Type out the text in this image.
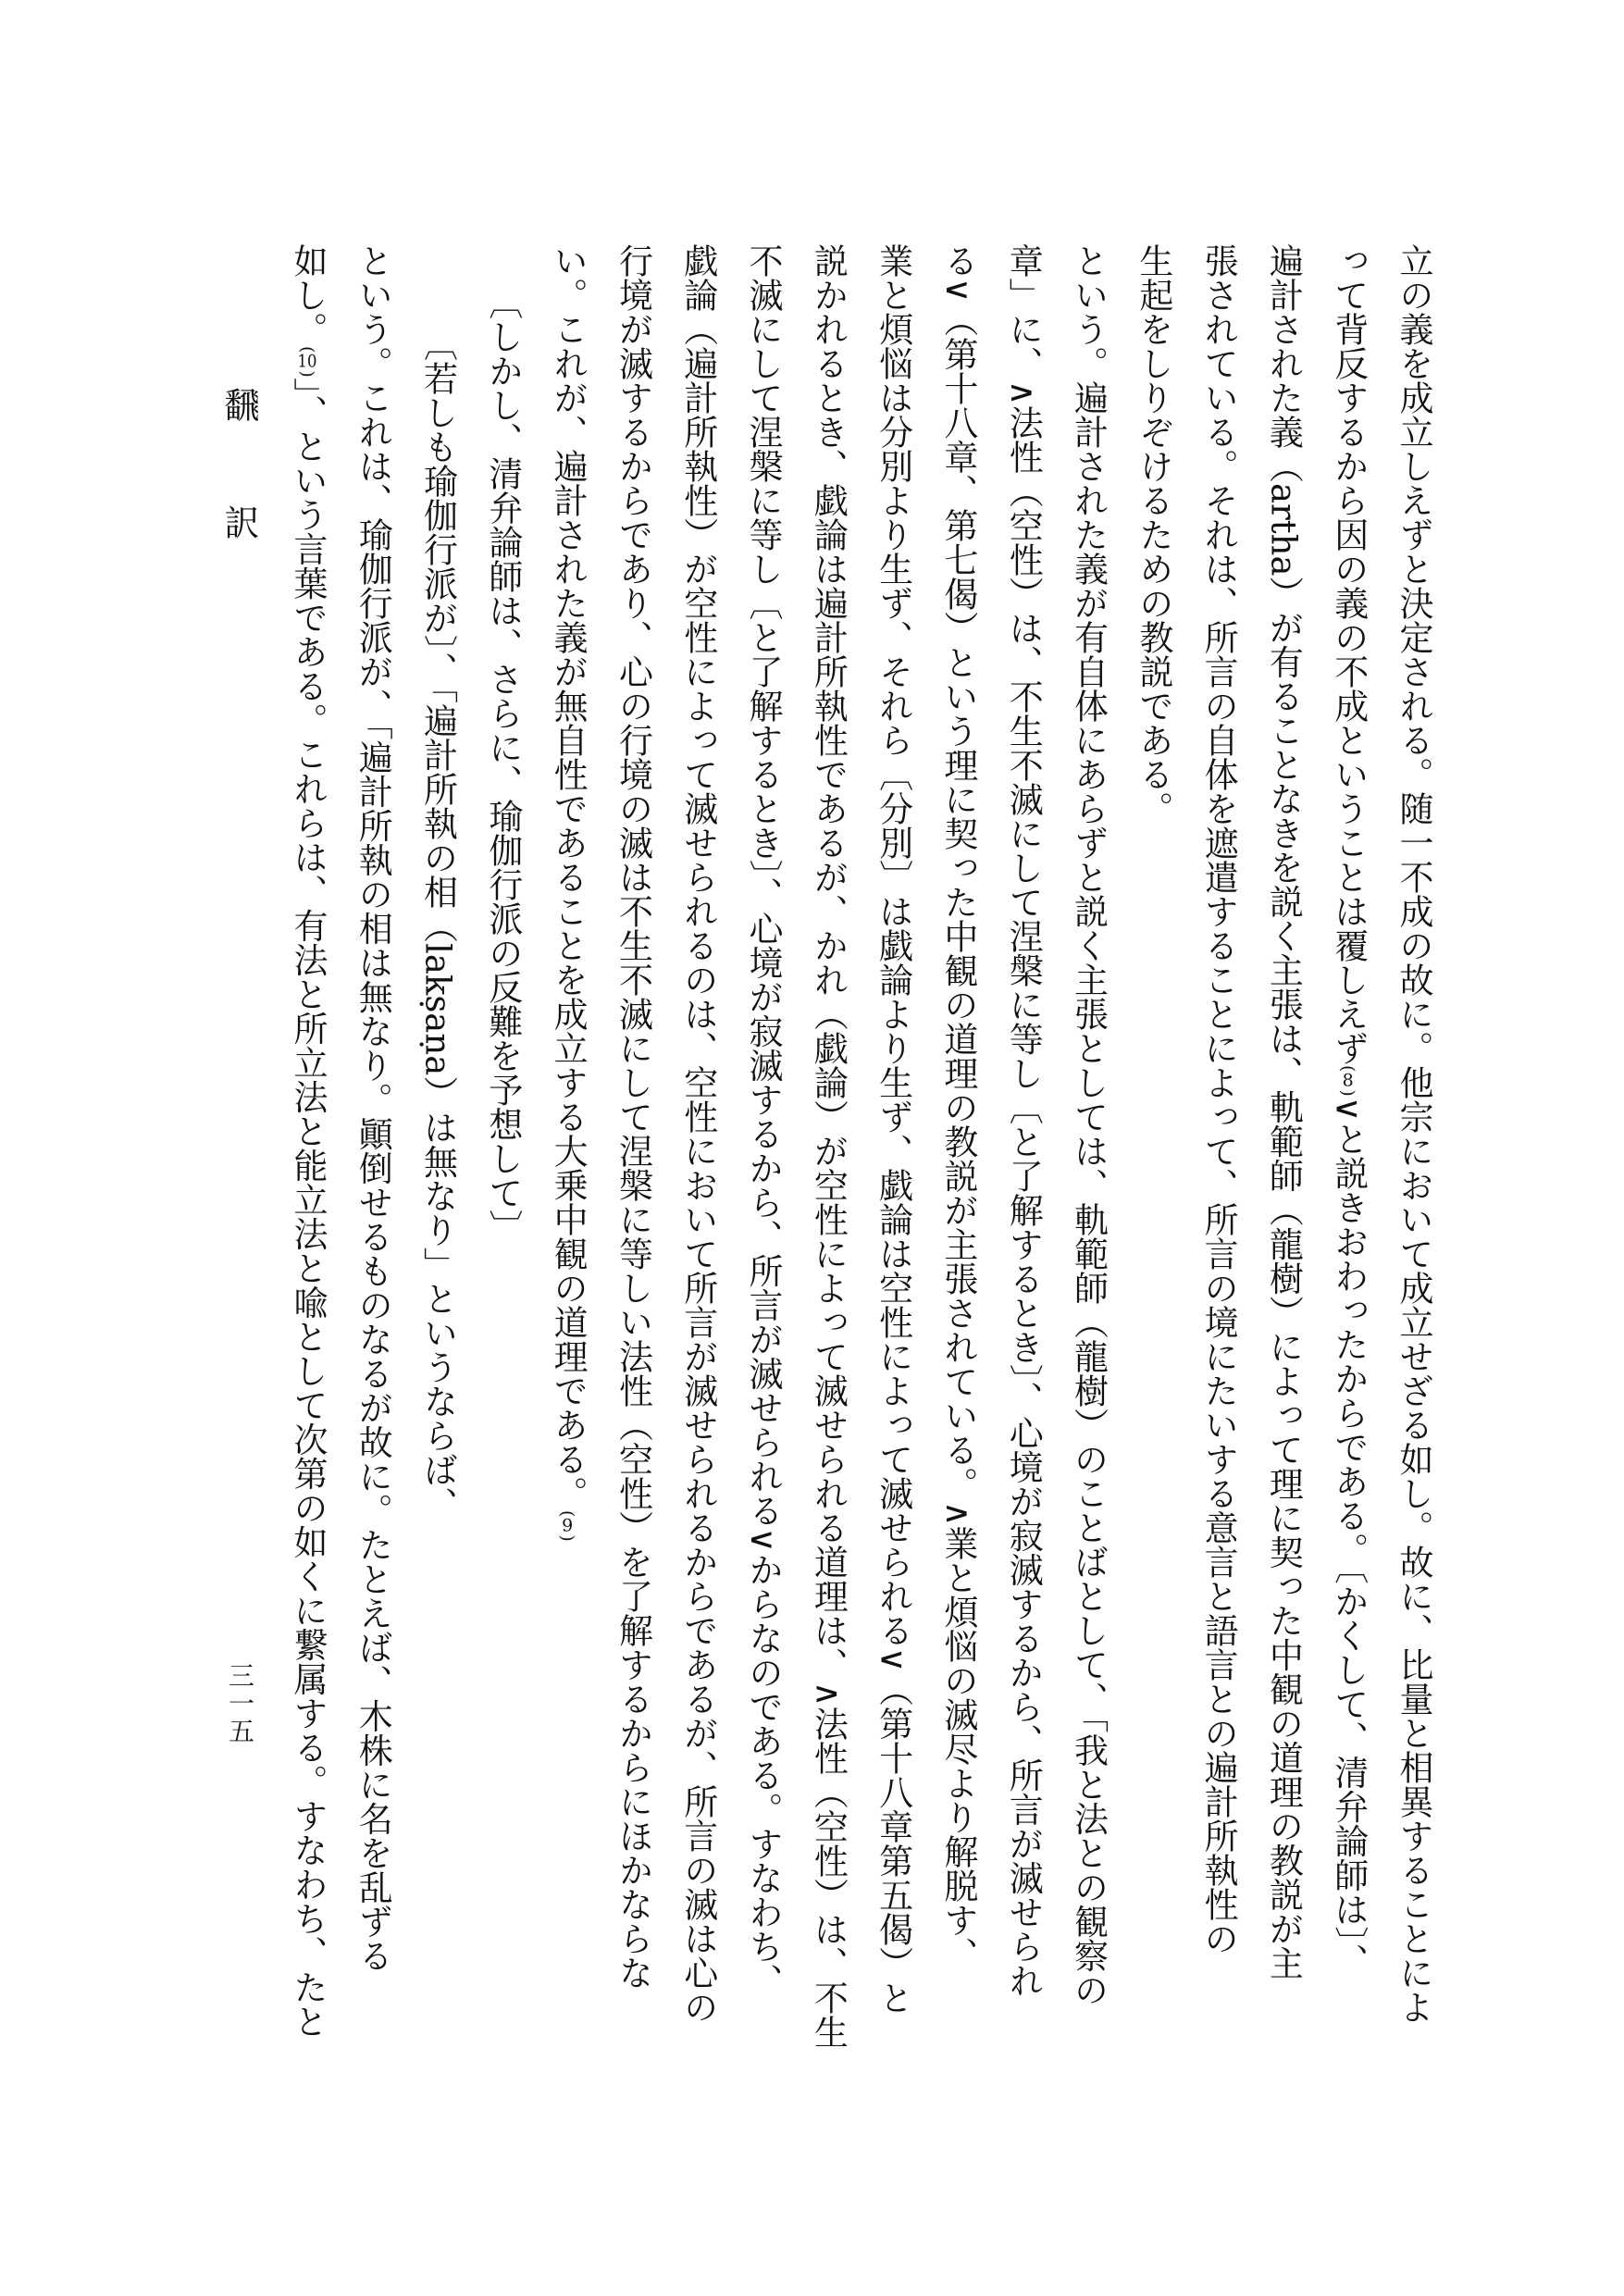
飜訳
三一五	立の義を成立しえずと決定される。随一不成の故に。他宗において成立せざる如し。故に、比量と相異することによ
って背反するから因の義の不成ということは覆しえず(8)∨と説きおわったからである。〔かくして、清弁論師は〕、
遍計された義（artha）が有ることなきを説く主張は、軌範師（龍樹）によって理に契った中観の道理の教説が主
張されている。それは、所言の自体を遮遣することによって、所言の境にたいする意言と語言との遍計所執性の
生起をしりぞけるための教説である。
という。遍計された義が有自体にあらずと説く主張としては、軌範師（龍樹）のことばとして、「我と法との観察の
章」に、∧法性（空性）は、不生不滅にして涅槃に等し〔と了解するとき〕、心境が寂滅するから、所言が滅せられ
る∨（第十八章、第七偈）という理に契った中観の道理の教説が主張されている。∧業と煩悩の滅尽より解脱す、
業と煩悩は分別より生ず、それら〔分別〕は戯論より生ず、戯論は空性によって滅せられる∨（第十八章第五偈）と
説かれるとき、戯論は遍計所執性であるが、かれ（戯論）が空性によって滅せられる道理は、∧法性（空性）は、不生
不滅にして涅槃に等し〔と了解するとき〕、心境が寂滅するから、所言が滅せられる∨からなのである。すなわち、
戯論（遍計所執性）が空性によって滅せられるのは、空性において所言が滅せられるからであるが、所言の滅は心の
行境が滅するからであり、心の行境の滅は不生不滅にして涅槃に等しい法性（空性）を了解するからにほかならな
い。これが、遍計された義が無自性であることを成立する大乗中観の道理である。(9)
〔しかし、清弁論師は、さらに、瑜伽行派の反難を予想して〕
〔若しも瑜伽行派が〕、「遍計所執の相（lakṣaṇa）は無なり」というならば、
という。これは、瑜伽行派が、「遍計所執の相は無なり。顚倒せるものなるが故に。たとえば、木株に名を乱ずる
如し。(10)」、という言葉である。これらは、有法と所立法と能立法と喩として次第の如くに繋属する。すなわち、たと
